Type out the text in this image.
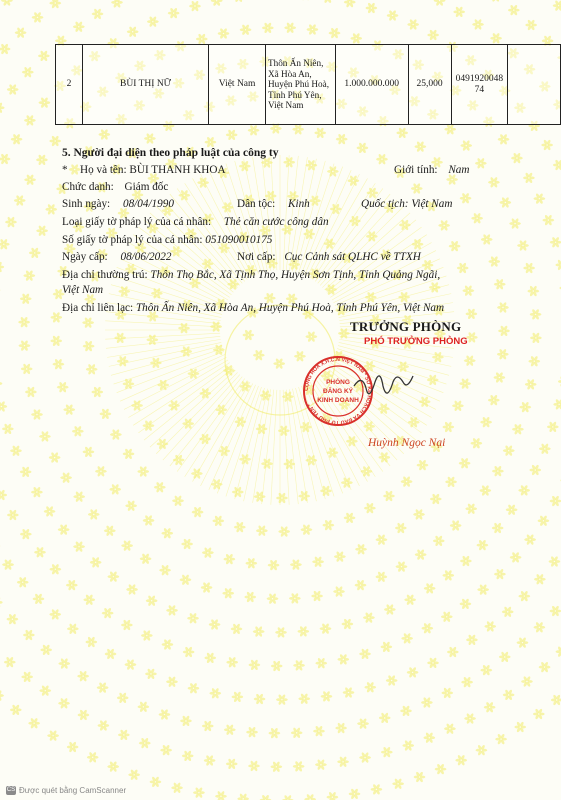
2	BÙI THỊ NỮ	Việt Nam	Thôn Ấn Niên, Xã Hòa An, Huyện Phú Hoà, Tỉnh Phú Yên, Việt Nam	1.000.000.000	25,000	049192004874	
5. Người đại diện theo pháp luật của công ty
* Họ và tên: BÙI THANH KHOA	Giới tính: Nam
Chức danh: Giám đốc
Sinh ngày: 08/04/1990	Dân tộc: Kinh	Quốc tịch: Việt Nam
Loại giấy tờ pháp lý của cá nhân: Thẻ căn cước công dân
Số giấy tờ pháp lý của cá nhân: 051090010175
Ngày cấp: 08/06/2022	Nơi cấp: Cục Cảnh sát QLHC về TTXH
Địa chỉ thường trú: Thôn Thọ Bắc, Xã Tịnh Thọ, Huyện Sơn Tịnh, Tỉnh Quảng Ngãi,
Việt Nam
Địa chỉ liên lạc: Thôn Ấn Niên, Xã Hòa An, Huyện Phú Hoà, Tỉnh Phú Yên, Việt Nam
TRƯỞNG PHÒNG
PHÓ TRƯỞNG PHÒNG
CỘNG HÒA X.H.C.N VIỆT NAM * SỞ KẾ HOẠCH VÀ ĐẦU TƯ PHÚ YÊN *
PHÒNG
ĐĂNG KÝ
KINH DOANH
Huỳnh Ngọc Nại
CS Được quét bằng CamScanner
